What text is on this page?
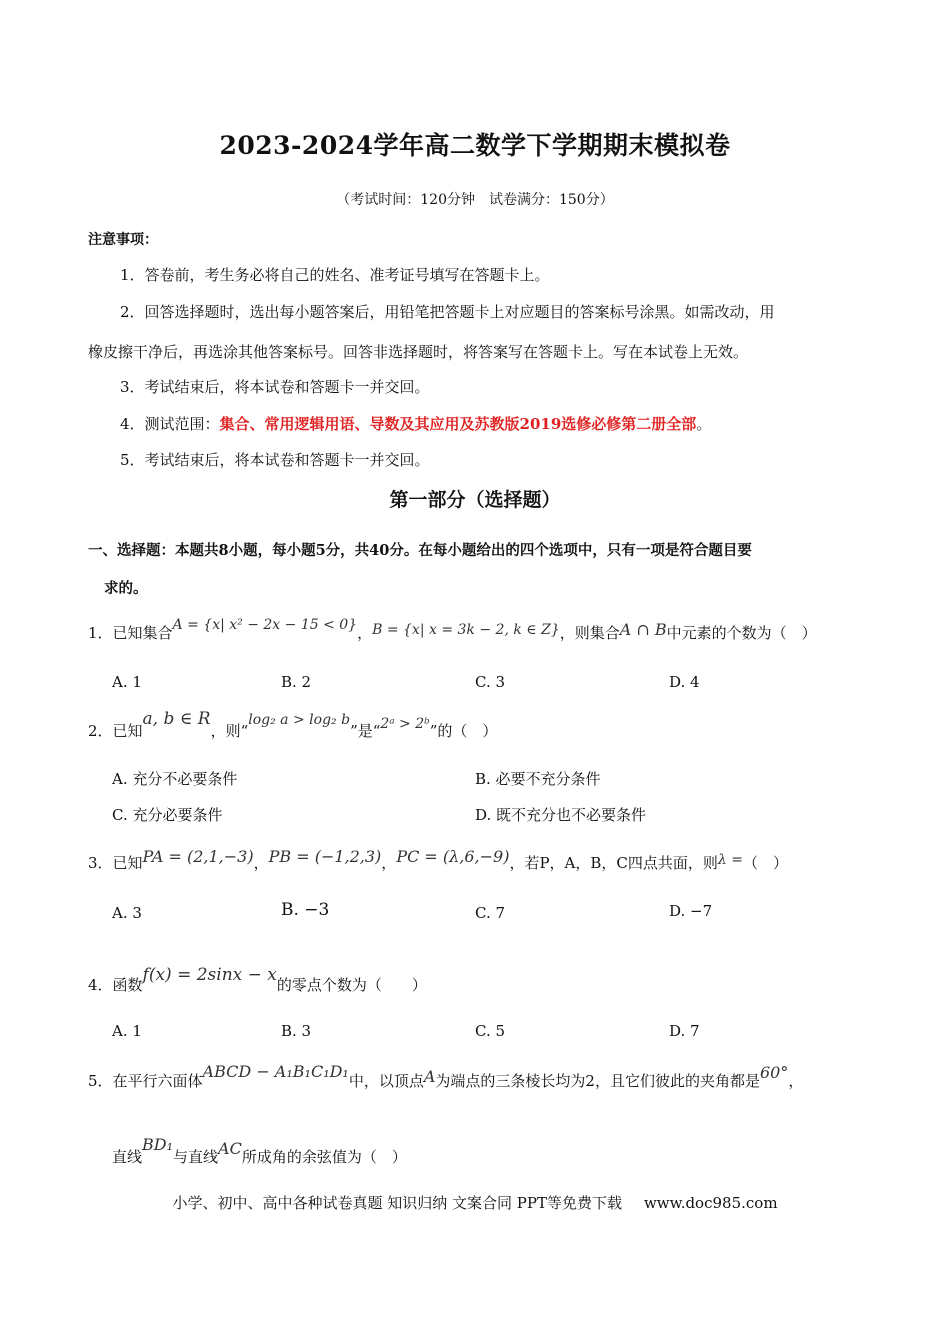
2023-2024学年高二数学下学期期末模拟卷
（考试时间：120分钟　试卷满分：150分）
注意事项：
1．答卷前，考生务必将自己的姓名、准考证号填写在答题卡上。
2．回答选择题时，选出每小题答案后，用铅笔把答题卡上对应题目的答案标号涂黑。如需改动，用
橡皮擦干净后，再选涂其他答案标号。回答非选择题时，将答案写在答题卡上。写在本试卷上无效。
3．考试结束后，将本试卷和答题卡一并交回。
4．测试范围：集合、常用逻辑用语、导数及其应用及苏教版2019选修必修第二册全部。
5．考试结束后，将本试卷和答题卡一并交回。
第一部分（选择题）
一、选择题：本题共8小题，每小题5分，共40分。在每小题给出的四个选项中，只有一项是符合题目要
求的。
1．已知集合A = {x| x² − 2x − 15 < 0}，B = {x| x = 3k − 2, k ∈ Z}，则集合A ∩ B中元素的个数为（　）
A. 1	B. 2	C. 3	D. 4
2．已知a, b ∈ R，则“log₂ a > log₂ b”是“2ᵃ > 2ᵇ”的（　）
A. 充分不必要条件	B. 必要不充分条件
C. 充分必要条件	D. 既不充分也不必要条件
3．已知PA = (2,1,−3)，PB = (−1,2,3)，PC = (λ,6,−9)，若P，A，B，C四点共面，则λ =（　）
A. 3	B. −3	C. 7	D. −7
4．函数f(x) = 2sinx − x的零点个数为（　　）
A. 1	B. 3	C. 5	D. 7
5．在平行六面体ABCD − A₁B₁C₁D₁中，以顶点A为端点的三条棱长均为2，且它们彼此的夹角都是60°，
直线BD₁与直线AC所成角的余弦值为（　）
小学、初中、高中各种试卷真题 知识归纳 文案合同 PPT等免费下载 www.doc985.com
